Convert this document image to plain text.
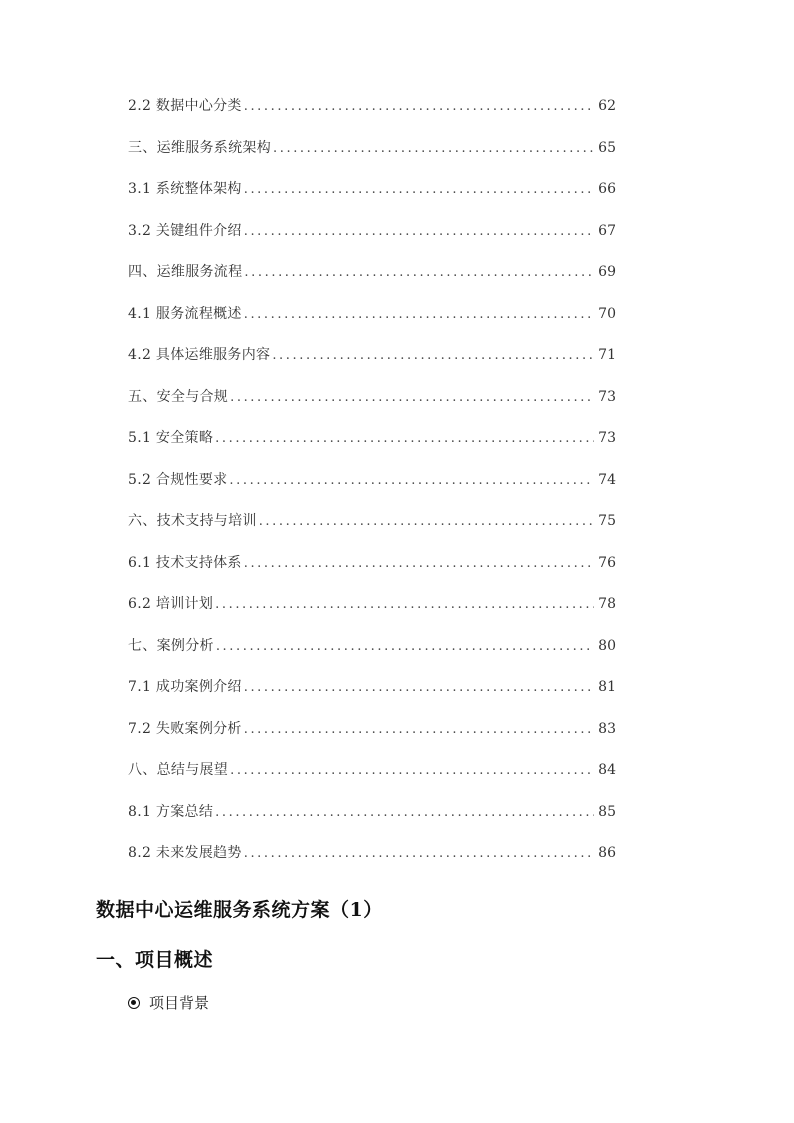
2.2 数据中心分类 .....	62
三、运维服务系统架构 .....	65
3.1 系统整体架构 .....	66
3.2 关键组件介绍 .....	67
四、运维服务流程 .....	69
4.1 服务流程概述 .....	70
4.2 具体运维服务内容 .....	71
五、安全与合规 .....	73
5.1 安全策略 .....	73
5.2 合规性要求 .....	74
六、技术支持与培训 .....	75
6.1 技术支持体系 .....	76
6.2 培训计划 .....	78
七、案例分析 .....	80
7.1 成功案例介绍 .....	81
7.2 失败案例分析 .....	83
八、总结与展望 .....	84
8.1 方案总结 .....	85
8.2 未来发展趋势 .....	86
数据中心运维服务系统方案（1）
一、项目概述
项目背景
